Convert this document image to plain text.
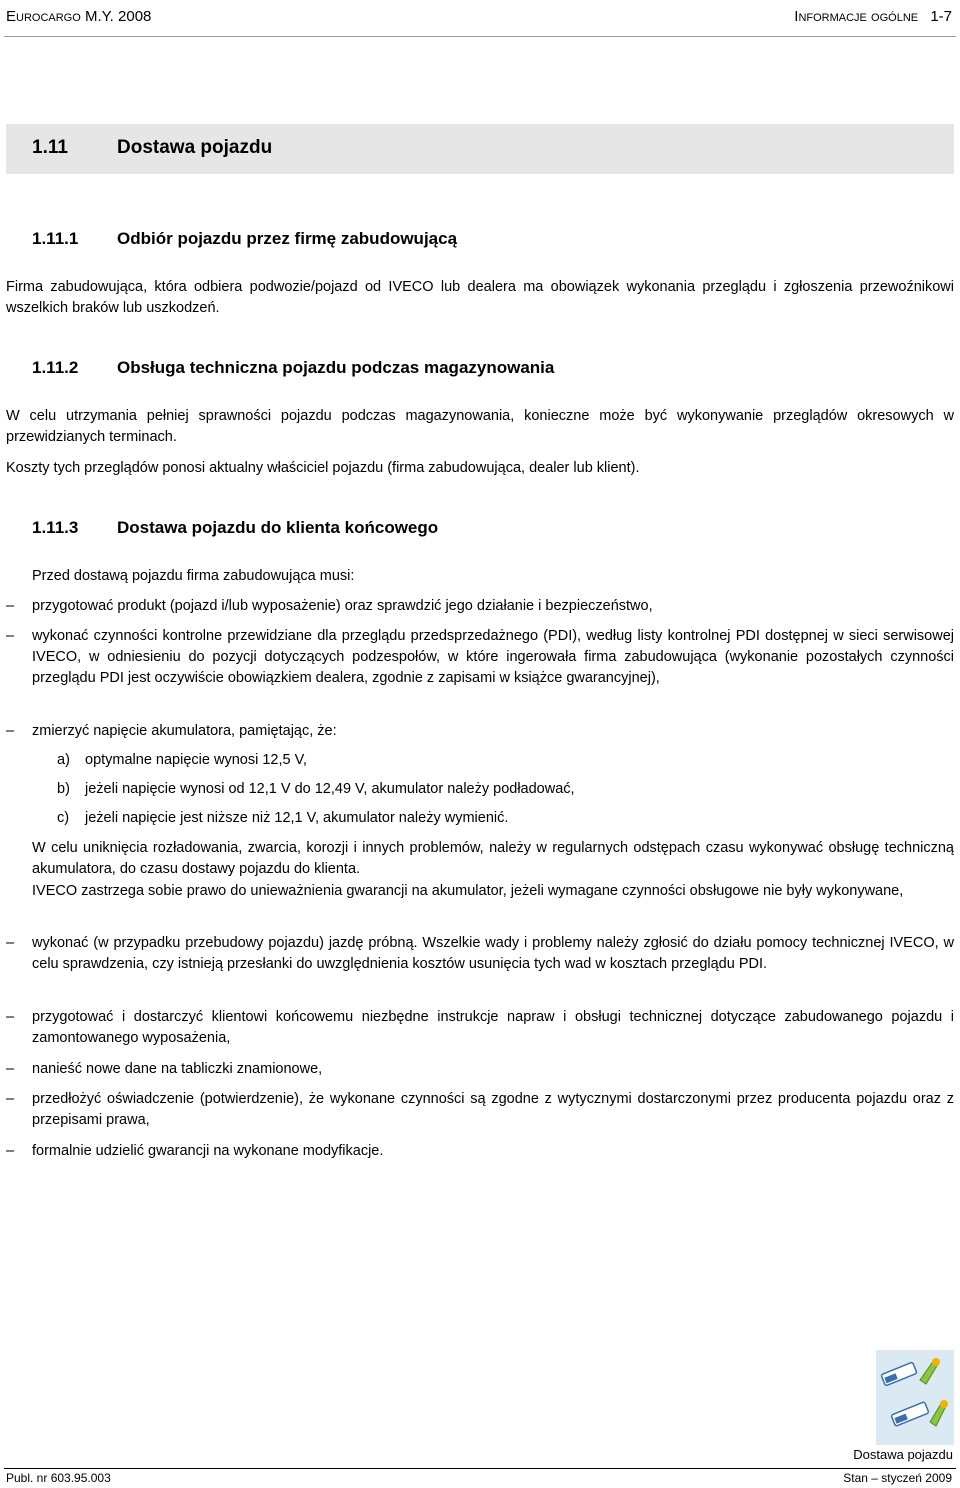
Eurocargo M.Y. 2008	Informacje ogólne 1-7
1.11	Dostawa pojazdu
1.11.1 Odbiór pojazdu przez firmę zabudowującą
Firma zabudowująca, która odbiera podwozie/pojazd od IVECO lub dealera ma obowiązek wykonania przeglądu i zgłoszenia przewoźnikowi wszelkich braków lub uszkodzeń.
1.11.2 Obsługa techniczna pojazdu podczas magazynowania
W celu utrzymania pełniej sprawności pojazdu podczas magazynowania, konieczne może być wykonywanie przeglądów okresowych w przewidzianych terminach.
Koszty tych przeglądów ponosi aktualny właściciel pojazdu (firma zabudowująca, dealer lub klient).
1.11.3 Dostawa pojazdu do klienta końcowego
Przed dostawą pojazdu firma zabudowująca musi:
– przygotować produkt (pojazd i/lub wyposażenie) oraz sprawdzić jego działanie i bezpieczeństwo,
– wykonać czynności kontrolne przewidziane dla przeglądu przedsprzedażnego (PDI), według listy kontrolnej PDI dostępnej w sieci serwisowej IVECO, w odniesieniu do pozycji dotyczących podzespołów, w które ingerowała firma zabudowująca (wykonanie pozostałych czynności przeglądu PDI jest oczywiście obowiązkiem dealera, zgodnie z zapisami w książce gwarancyjnej),
– zmierzyć napięcie akumulatora, pamiętając, że:
a) optymalne napięcie wynosi 12,5 V,
b) jeżeli napięcie wynosi od 12,1 V do 12,49 V, akumulator należy podładować,
c) jeżeli napięcie jest niższe niż 12,1 V, akumulator należy wymienić.
W celu uniknięcia rozładowania, zwarcia, korozji i innych problemów, należy w regularnych odstępach czasu wykonywać obsługę techniczną akumulatora, do czasu dostawy pojazdu do klienta.
IVECO zastrzega sobie prawo do unieważnienia gwarancji na akumulator, jeżeli wymagane czynności obsługowe nie były wykonywane,
– wykonać (w przypadku przebudowy pojazdu) jazdę próbną. Wszelkie wady i problemy należy zgłosić do działu pomocy technicznej IVECO, w celu sprawdzenia, czy istnieją przesłanki do uwzględnienia kosztów usunięcia tych wad w kosztach przeglądu PDI.
– przygotować i dostarczyć klientowi końcowemu niezbędne instrukcje napraw i obsługi technicznej dotyczące zabudowanego pojazdu i zamontowanego wyposażenia,
– nanieść nowe dane na tabliczki znamionowe,
– przedłożyć oświadczenie (potwierdzenie), że wykonane czynności są zgodne z wytycznymi dostarczonymi przez producenta pojazdu oraz z przepisami prawa,
– formalnie udzielić gwarancji na wykonane modyfikacje.
Dostawa pojazdu
Publ. nr 603.95.003	Stan – styczeń 2009
